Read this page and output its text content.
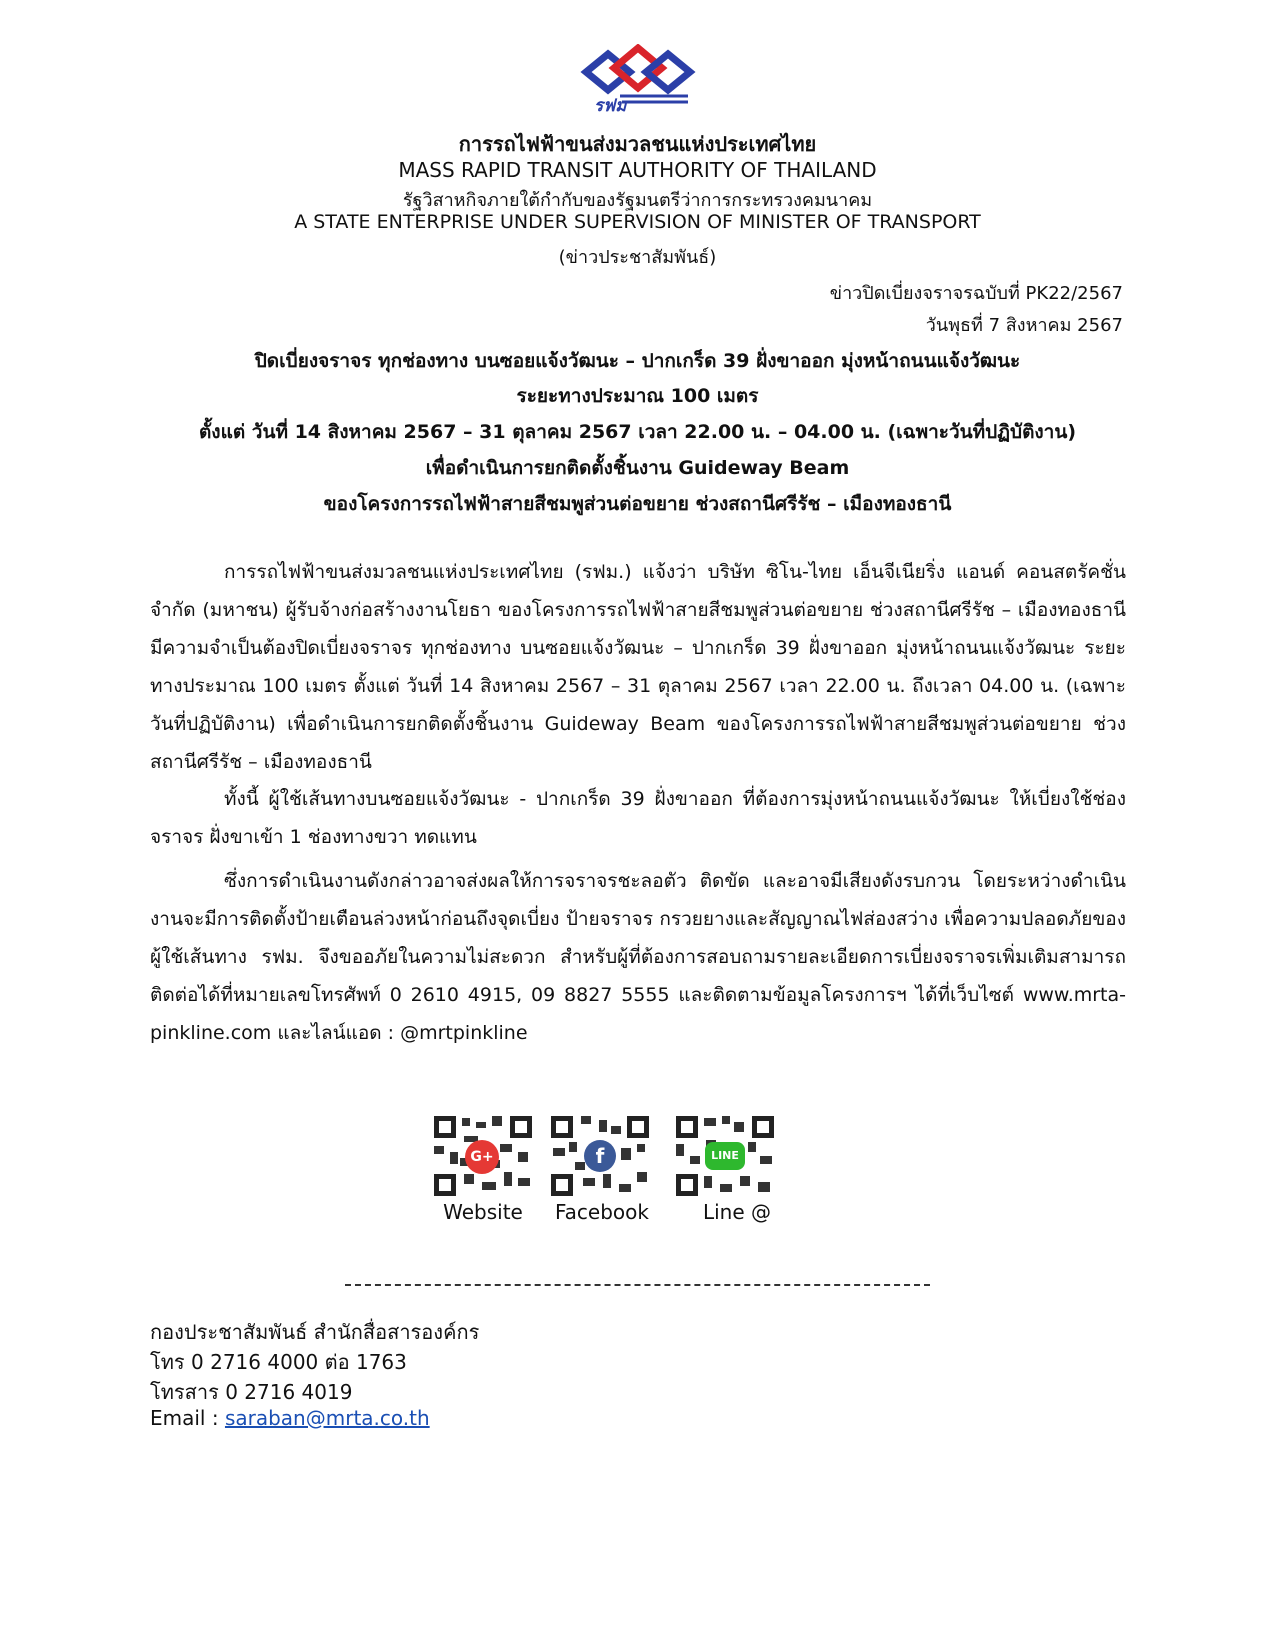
รฟม
การรถไฟฟ้าขนส่งมวลชนแห่งประเทศไทย
MASS RAPID TRANSIT AUTHORITY OF THAILAND
รัฐวิสาหกิจภายใต้กำกับของรัฐมนตรีว่าการกระทรวงคมนาคม
A STATE ENTERPRISE UNDER SUPERVISION OF MINISTER OF TRANSPORT
(ข่าวประชาสัมพันธ์)
ข่าวปิดเบี่ยงจราจรฉบับที่ PK22/2567
วันพุธที่ 7 สิงหาคม 2567
ปิดเบี่ยงจราจร ทุกช่องทาง บนซอยแจ้งวัฒนะ – ปากเกร็ด 39 ฝั่งขาออก มุ่งหน้าถนนแจ้งวัฒนะ
ระยะทางประมาณ 100 เมตร
ตั้งแต่ วันที่ 14 สิงหาคม 2567 – 31 ตุลาคม 2567 เวลา 22.00 น. – 04.00 น. (เฉพาะวันที่ปฏิบัติงาน)
เพื่อดำเนินการยกติดตั้งชิ้นงาน Guideway Beam
ของโครงการรถไฟฟ้าสายสีชมพูส่วนต่อขยาย ช่วงสถานีศรีรัช – เมืองทองธานี

การรถไฟฟ้าขนส่งมวลชนแห่งประเทศไทย (รฟม.) แจ้งว่า บริษัท ซิโน-ไทย เอ็นจีเนียริ่ง แอนด์ คอนสตรัคชั่น จำกัด (มหาชน) ผู้รับจ้างก่อสร้างงานโยธา ของโครงการรถไฟฟ้าสายสีชมพูส่วนต่อขยาย ช่วงสถานีศรีรัช – เมืองทองธานี มีความจำเป็นต้องปิดเบี่ยงจราจร ทุกช่องทาง บนซอยแจ้งวัฒนะ – ปากเกร็ด 39 ฝั่งขาออก มุ่งหน้าถนนแจ้งวัฒนะ ระยะทางประมาณ 100 เมตร ตั้งแต่ วันที่ 14 สิงหาคม 2567 – 31 ตุลาคม 2567 เวลา 22.00 น. ถึงเวลา 04.00 น. (เฉพาะวันที่ปฏิบัติงาน) เพื่อดำเนินการยกติดตั้งชิ้นงาน Guideway Beam ของโครงการรถไฟฟ้าสายสีชมพูส่วนต่อขยาย ช่วงสถานีศรีรัช – เมืองทองธานี

ทั้งนี้ ผู้ใช้เส้นทางบนซอยแจ้งวัฒนะ - ปากเกร็ด 39 ฝั่งขาออก ที่ต้องการมุ่งหน้าถนนแจ้งวัฒนะ ให้เบี่ยงใช้ช่องจราจร ฝั่งขาเข้า 1 ช่องทางขวา ทดแทน

ซึ่งการดำเนินงานดังกล่าวอาจส่งผลให้การจราจรชะลอตัว ติดขัด และอาจมีเสียงดังรบกวน โดยระหว่างดำเนินงานจะมีการติดตั้งป้ายเตือนล่วงหน้าก่อนถึงจุดเบี่ยง ป้ายจราจร กรวยยางและสัญญาณไฟส่องสว่าง เพื่อความปลอดภัยของผู้ใช้เส้นทาง รฟม. จึงขออภัยในความไม่สะดวก สำหรับผู้ที่ต้องการสอบถามรายละเอียดการเบี่ยงจราจรเพิ่มเติมสามารถติดต่อได้ที่หมายเลขโทรศัพท์ 0 2610 4915, 09 8827 5555 และติดตามข้อมูลโครงการฯ ได้ที่เว็บไซต์ www.mrta-pinkline.com และไลน์แอด : @mrtpinkline

G+	f	LINE
Website	Facebook	Line @
กองประชาสัมพันธ์ สำนักสื่อสารองค์กร
โทร 0 2716 4000 ต่อ 1763
โทรสาร 0 2716 4019
Email : saraban@mrta.co.th
